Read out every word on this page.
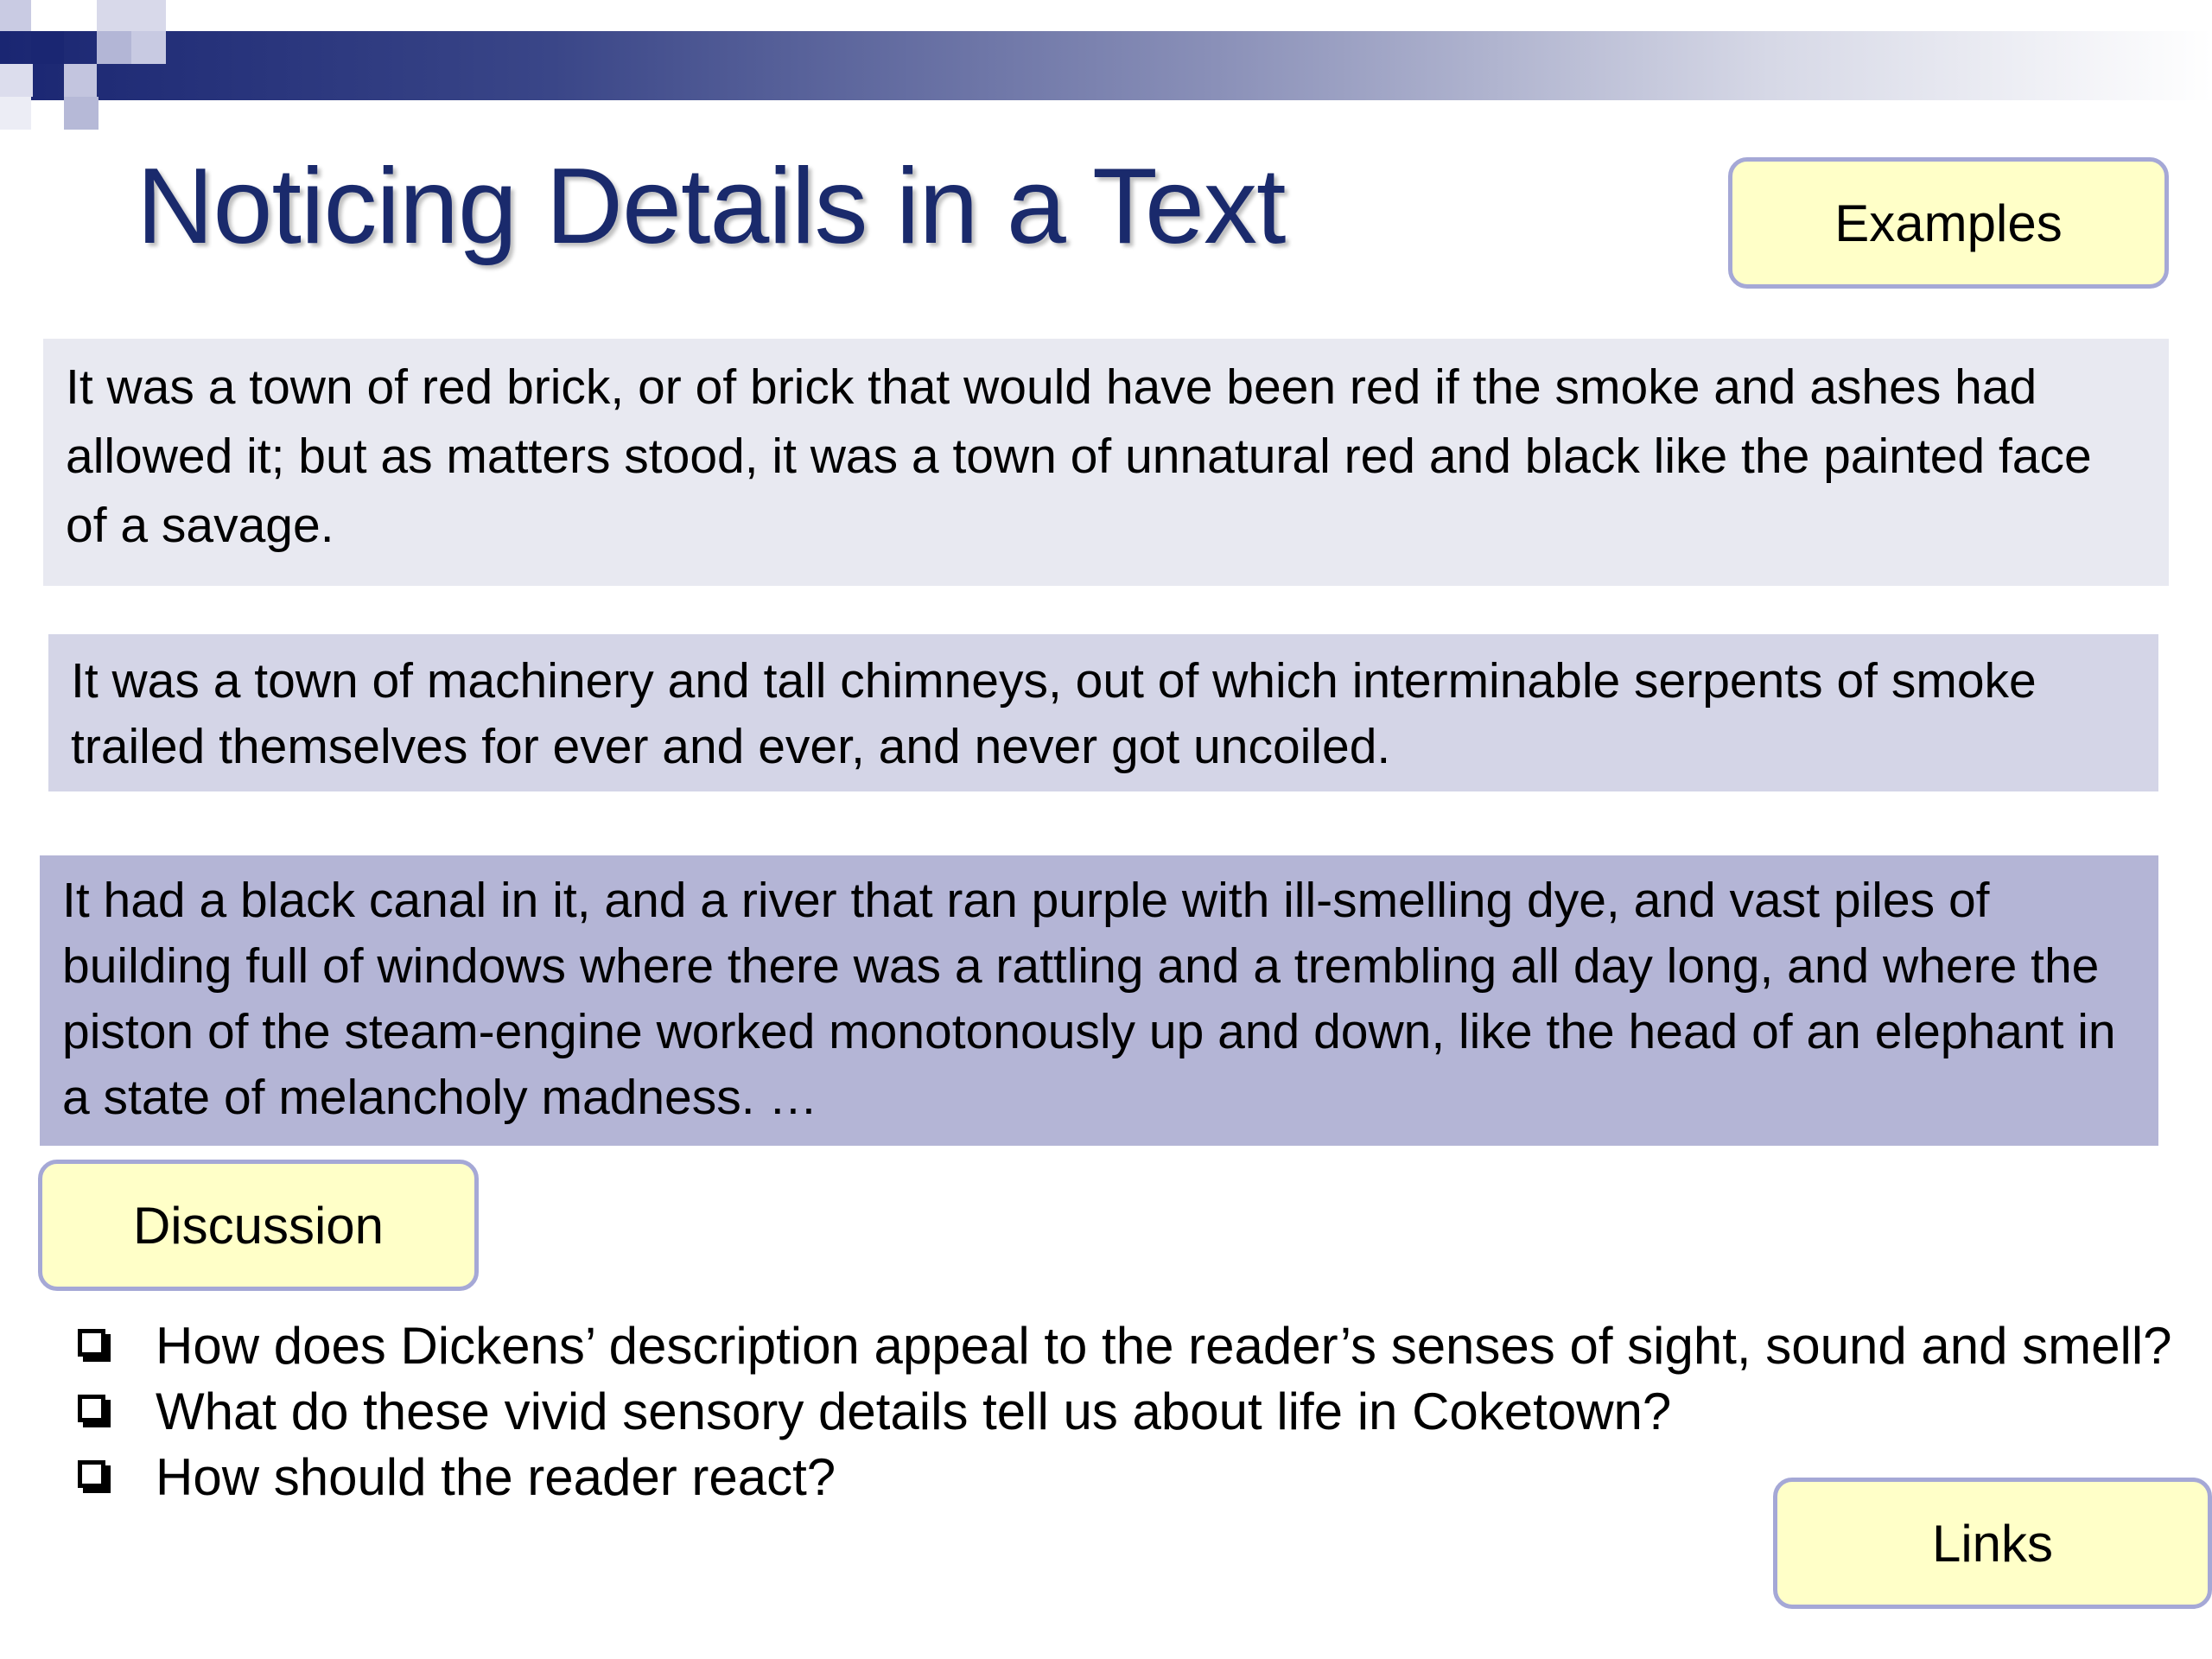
Noticing Details in a Text	Examples
It was a town of red brick, or of brick that would have been red if the smoke and ashes had allowed it; but as matters stood, it was a town of unnatural red and black like the painted face of a savage.
It was a town of machinery and tall chimneys, out of which interminable serpents of smoke trailed themselves for ever and ever, and never got uncoiled.
It had a black canal in it, and a river that ran purple with ill-smelling dye, and vast piles of building full of windows where there was a rattling and a trembling all day long, and where the piston of the steam-engine worked monotonously up and down, like the head of an elephant in a state of melancholy madness. …
Discussion
How does Dickens’ description appeal to the reader’s senses of sight, sound and smell?
What do these vivid sensory details tell us about life in Coketown?
How should the reader react?
Links
